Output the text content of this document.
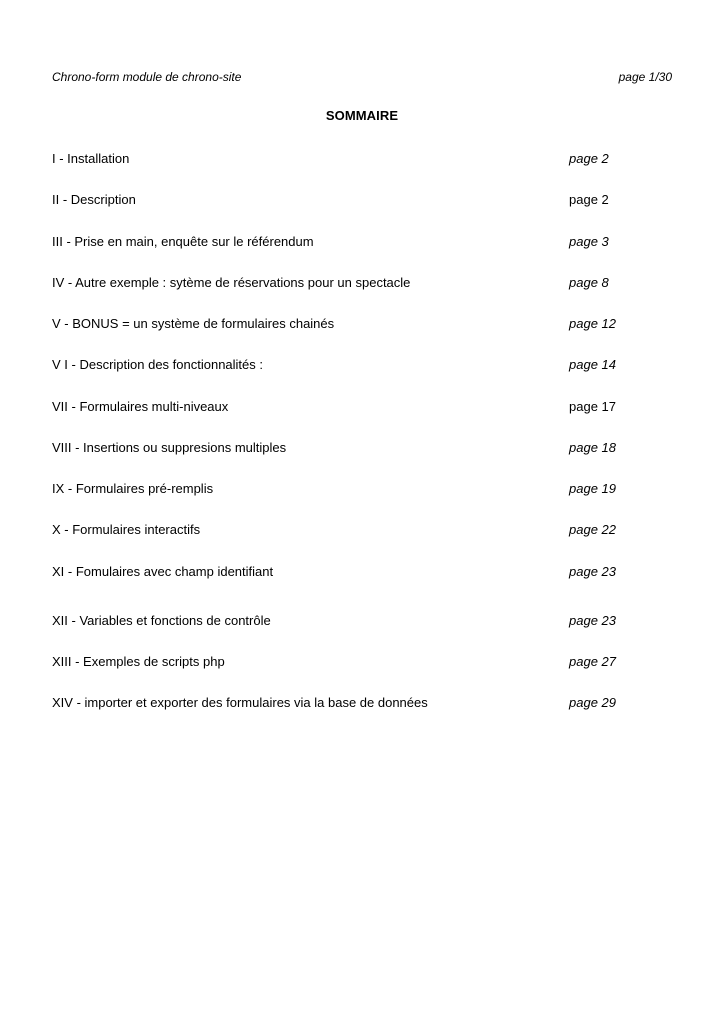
Chrono-form module de chrono-site	page 1/30
SOMMAIRE
I - Installation	page 2
II - Description	page 2
III - Prise en main, enquête sur le référendum	page 3
IV - Autre exemple : sytème de réservations pour un spectacle	page 8
V - BONUS = un système de formulaires chainés	page 12
V I - Description des fonctionnalités :	page 14
VII - Formulaires multi-niveaux	page 17
VIII - Insertions ou suppresions multiples	page 18
IX - Formulaires pré-remplis	page 19
X - Formulaires interactifs	page 22
XI - Fomulaires avec champ identifiant	page 23
XII - Variables et fonctions de contrôle	page 23
XIII - Exemples de scripts php	page 27
XIV - importer et exporter des formulaires via la base de données	page 29
